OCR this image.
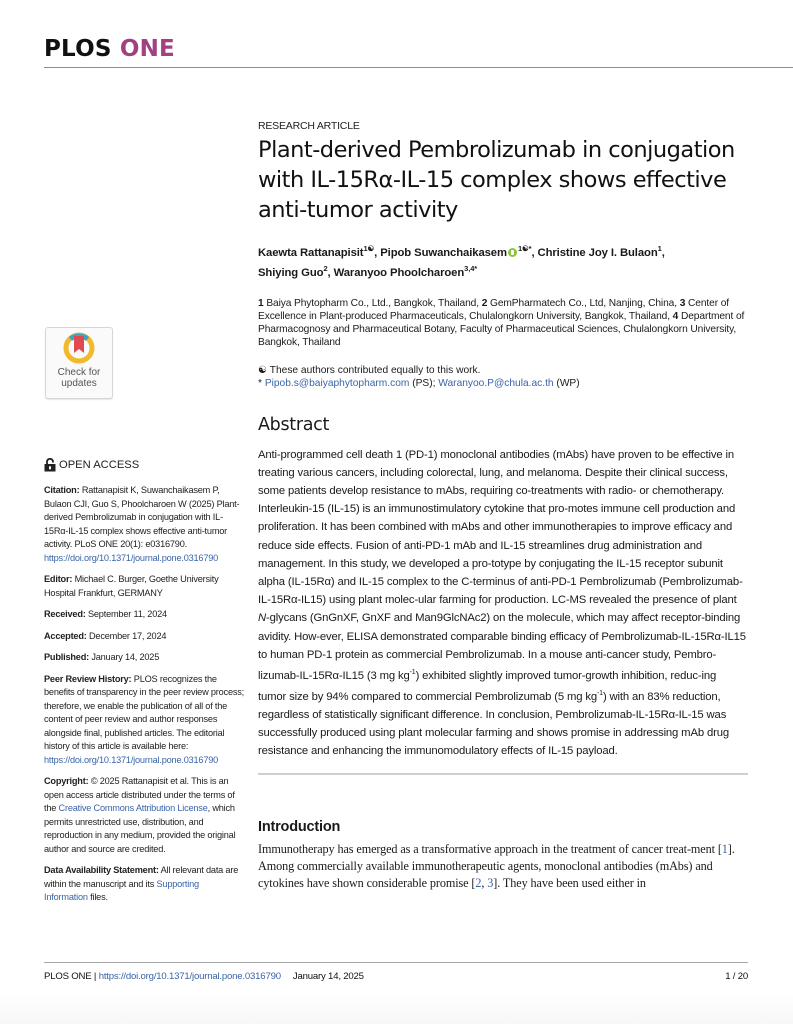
PLOS ONE
Check for
updates
OPEN ACCESS
Citation: Rattanapisit K, Suwanchaikasem P, Bulaon CJI, Guo S, Phoolcharoen W (2025) Plant-derived Pembrolizumab in conjugation with IL-15Rα-IL-15 complex shows effective anti-tumor activity. PLoS ONE 20(1): e0316790. https://doi.org/10.1371/journal.pone.0316790
Editor: Michael C. Burger, Goethe University Hospital Frankfurt, GERMANY
Received: September 11, 2024
Accepted: December 17, 2024
Published: January 14, 2025
Peer Review History: PLOS recognizes the benefits of transparency in the peer review process; therefore, we enable the publication of all of the content of peer review and author responses alongside final, published articles. The editorial history of this article is available here: https://doi.org/10.1371/journal.pone.0316790
Copyright: © 2025 Rattanapisit et al. This is an open access article distributed under the terms of the Creative Commons Attribution License, which permits unrestricted use, distribution, and reproduction in any medium, provided the original author and source are credited.
Data Availability Statement: All relevant data are within the manuscript and its Supporting Information files.

RESEARCH ARTICLE

Plant-derived Pembrolizumab in conjugation with IL-15Rα-IL-15 complex shows effective anti-tumor activity
Kaewta Rattanapisit$^{1☯}$, Pipob Suwanchaikasem $^{1☯*}$, Christine Joy I. Bulaon$^1$,
Shiying Guo$^2$, Waranyoo Phoolcharoen$^{3,4*}$
1 Baiya Phytopharm Co., Ltd., Bangkok, Thailand, 2 GemPharmatech Co., Ltd, Nanjing, China, 3 Center of Excellence in Plant-produced Pharmaceuticals, Chulalongkorn University, Bangkok, Thailand, 4 Department of Pharmacognosy and Pharmaceutical Botany, Faculty of Pharmaceutical Sciences, Chulalongkorn University, Bangkok, Thailand
☯ These authors contributed equally to this work.
* Pipob.s@baiyaphytopharm.com (PS); Waranyoo.P@chula.ac.th (WP)
Abstract
Anti-programmed cell death 1 (PD-1) monoclonal antibodies (mAbs) have proven to be effective in treating various cancers, including colorectal, lung, and melanoma. Despite their clinical success, some patients develop resistance to mAbs, requiring co-treatments with radio- or chemotherapy. Interleukin-15 (IL-15) is an immunostimulatory cytokine that pro-motes immune cell production and proliferation. It has been combined with mAbs and other immunotherapies to improve efficacy and reduce side effects. Fusion of anti-PD-1 mAb and IL-15 streamlines drug administration and management. In this study, we developed a pro-totype by conjugating the IL-15 receptor subunit alpha (IL-15Rα) and IL-15 complex to the C-terminus of anti-PD-1 Pembrolizumab (Pembrolizumab-IL-15Rα-IL15) using plant molec-ular farming for production. LC-MS revealed the presence of plant N-glycans (GnGnXF, GnXF and Man9GlcNAc2) on the molecule, which may affect receptor-binding avidity. How-ever, ELISA demonstrated comparable binding efficacy of Pembrolizumab-IL-15Rα-IL15 to human PD-1 protein as commercial Pembrolizumab. In a mouse anti-cancer study, Pembro-lizumab-IL-15Rα-IL15 (3 mg $kg^{-1}$) exhibited slightly improved tumor-growth inhibition, reduc-ing tumor size by 94% compared to commercial Pembrolizumab (5 mg $kg^{-1}$) with an 83% reduction, regardless of statistically significant difference. In conclusion, Pembrolizumab-IL-15Rα-IL-15 was successfully produced using plant molecular farming and shows promise in addressing mAb drug resistance and enhancing the immunomodulatory effects of IL-15 payload.
Introduction
Immunotherapy has emerged as a transformative approach in the treatment of cancer treat-ment [1]. Among commercially available immunotherapeutic agents, monoclonal antibodies (mAbs) and cytokines have shown considerable promise [2, 3]. They have been used either in
PLOS ONE |
https://doi.org/10.1371/journal.pone.0316790 January 14, 2025	1 / 20
